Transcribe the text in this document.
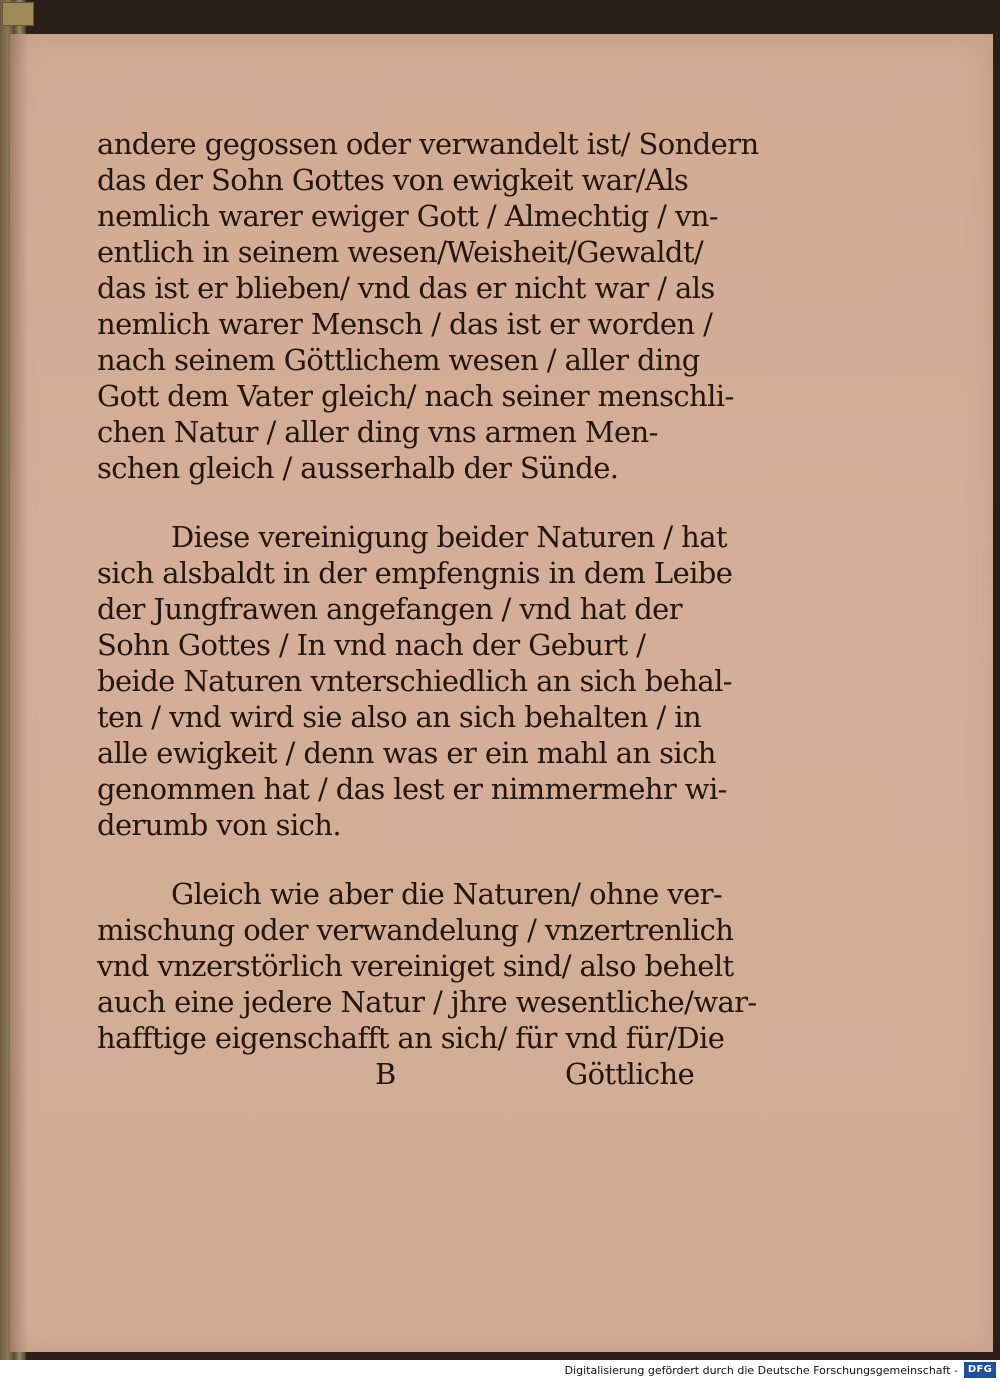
andere gegossen oder verwandelt ist/ Sondern
das der Sohn Gottes von ewigkeit war/Als
nemlich warer ewiger Gott / Almechtig / vn-
entlich in seinem wesen/Weisheit/Gewaldt/
das ist er blieben/ vnd das er nicht war / als
nemlich warer Mensch / das ist er worden /
nach seinem Göttlichem wesen / aller ding
Gott dem Vater gleich/ nach seiner menschli-
chen Natur / aller ding vns armen Men-
schen gleich / ausserhalb der Sünde.
Diese vereinigung beider Naturen / hat
sich alsbaldt in der empfengnis in dem Leibe
der Jungfrawen angefangen / vnd hat der
Sohn Gottes / In vnd nach der Geburt /
beide Naturen vnterschiedlich an sich behal-
ten / vnd wird sie also an sich behalten / in
alle ewigkeit / denn was er ein mahl an sich
genommen hat / das lest er nimmermehr wi-
derumb von sich.
Gleich wie aber die Naturen/ ohne ver-
mischung oder verwandelung / vnzertrenlich
vnd vnzerstörlich vereiniget sind/ also behelt
auch eine jedere Natur / jhre wesentliche/war-
hafftige eigenschafft an sich/ für vnd für/Die
B	Göttliche
Digitalisierung gefördert durch die Deutsche Forschungsgemeinschaft - DFG
